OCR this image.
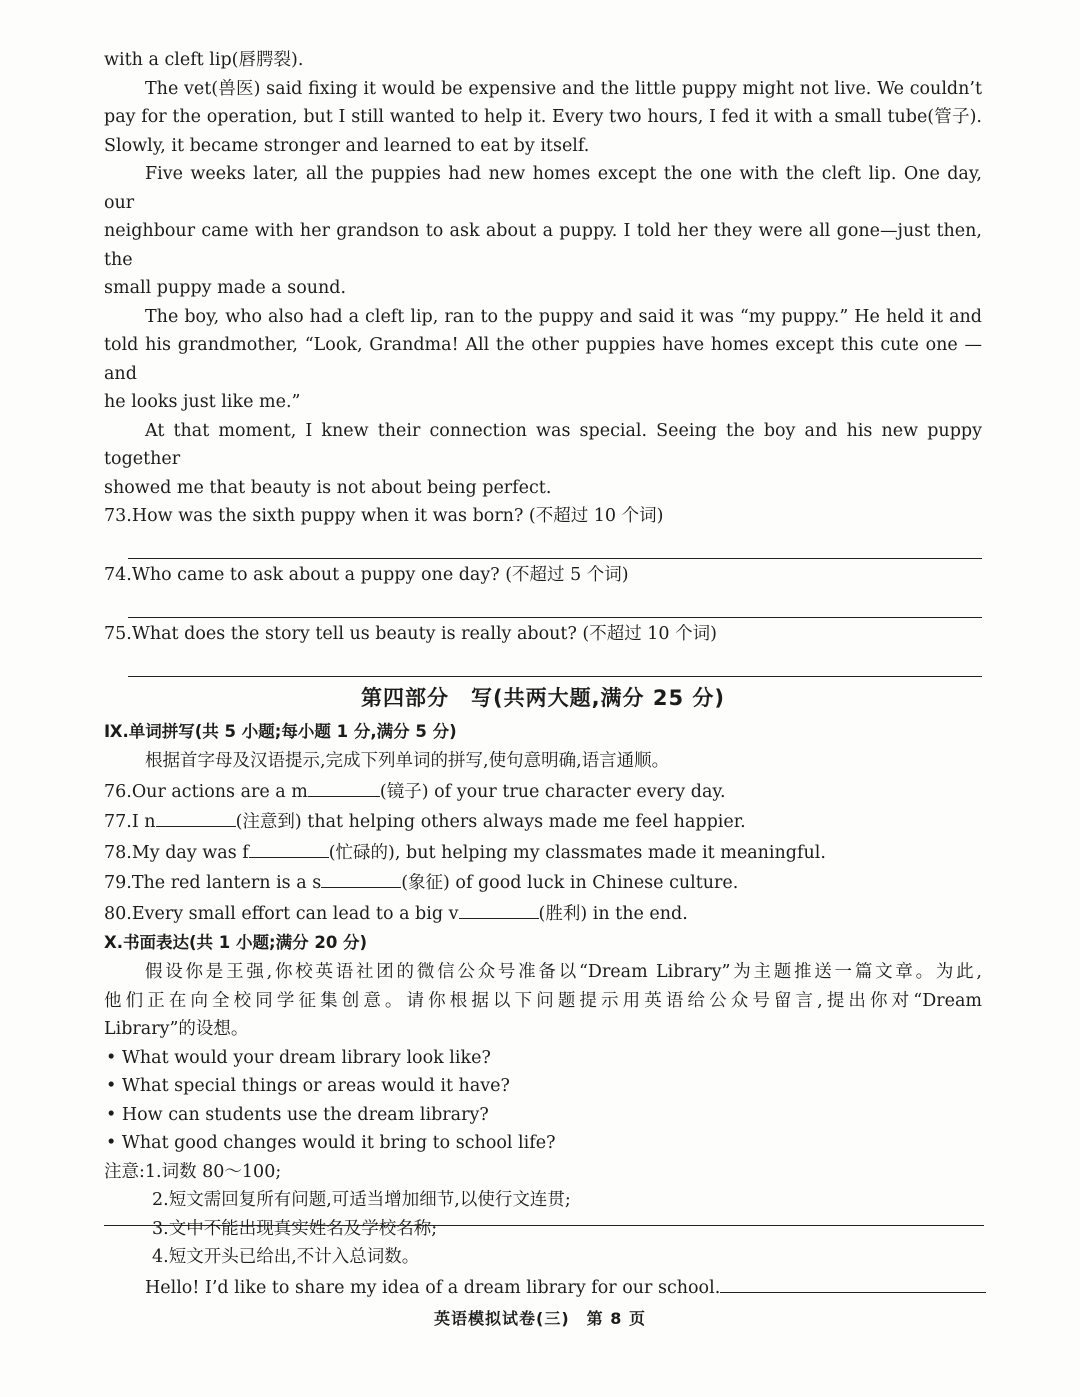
with a cleft lip(唇腭裂).
The vet(兽医) said fixing it would be expensive and the little puppy might not live. We couldn’t
pay for the operation, but I still wanted to help it. Every two hours, I fed it with a small tube(管子).
Slowly, it became stronger and learned to eat by itself.
Five weeks later, all the puppies had new homes except the one with the cleft lip. One day, our
neighbour came with her grandson to ask about a puppy. I told her they were all gone—just then, the
small puppy made a sound.
The boy, who also had a cleft lip, ran to the puppy and said it was “my puppy.” He held it and
told his grandmother, “Look, Grandma! All the other puppies have homes except this cute one —and
he looks just like me.”
At that moment, I knew their connection was special. Seeing the boy and his new puppy together
showed me that beauty is not about being perfect.
73.How was the sixth puppy when it was born? (不超过 10 个词)
74.Who came to ask about a puppy one day? (不超过 5 个词)
75.What does the story tell us beauty is really about? (不超过 10 个词)
第四部分　写(共两大题,满分 25 分)
Ⅸ.单词拼写(共 5 小题;每小题 1 分,满分 5 分)
根据首字母及汉语提示,完成下列单词的拼写,使句意明确,语言通顺。
76.Our actions are a m	(镜子) of your true character every day.
77.I n	(注意到) that helping others always made me feel happier.
78.My day was f	(忙碌的), but helping my classmates made it meaningful.
79.The red lantern is a s	(象征) of good luck in Chinese culture.
80.Every small effort can lead to a big v	(胜利) in the end.
Ⅹ.书面表达(共 1 小题;满分 20 分)
假设你是王强,你校英语社团的微信公众号准备以“Dream Library”为主题推送一篇文章。为此,
他们正在向全校同学征集创意。请你根据以下问题提示用英语给公众号留言,提出你对“Dream
Library”的设想。
• What would your dream library look like?
• What special things or areas would it have?
• How can students use the dream library?
• What good changes would it bring to school life?
注意:1.词数 80～100;
2.短文需回复所有问题,可适当增加细节,以使行文连贯;
3.文中不能出现真实姓名及学校名称;
4.短文开头已给出,不计入总词数。
Hello! I’d like to share my idea of a dream library for our school.
英语模拟试卷(三)　第 8 页
